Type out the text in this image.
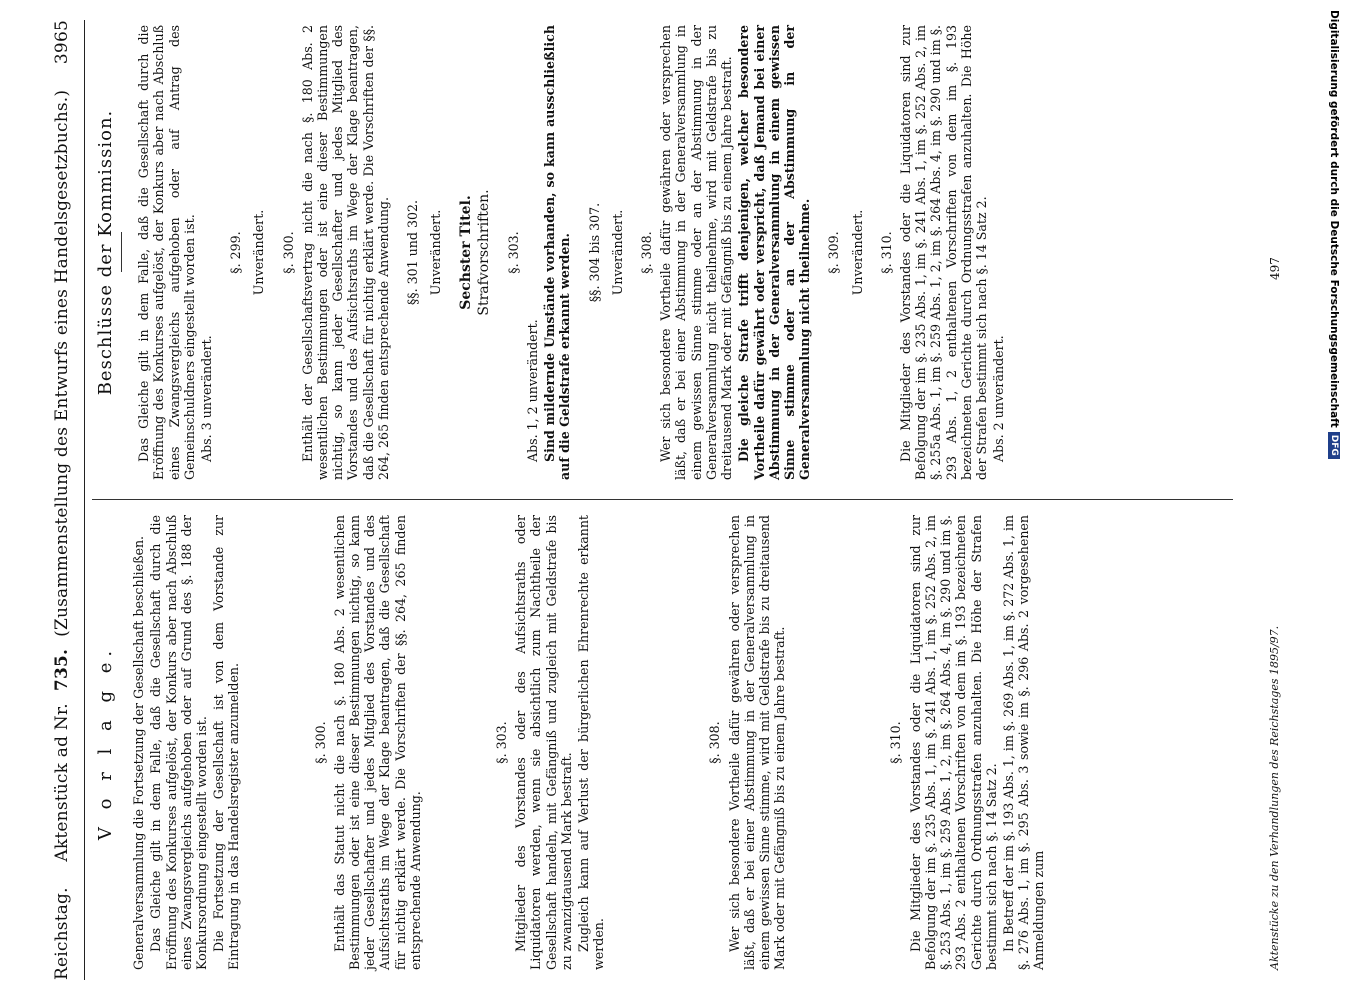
Reichstag.
Aktenstück ad Nr.
735.
(Zusammenstellung des Entwurfs eines Handelsgesetzbuchs.)
3965
V o r l a g e. Generalversammlung die Fortsetzung der Gesellschaft beschließen. Das Gleiche gilt in dem Falle, daß die Gesellschaft durch die Eröffnung des Konkurses aufgelöst, der Konkurs aber nach Abschluß eines Zwangsvergleichs aufgehoben oder auf Grund des §. 188 der Konkursordnung eingestellt worden ist. Die Fortsetzung der Gesellschaft ist von dem Vorstande zur Eintragung in das Handelsregister anzumelden.	§. 300. Enthält das Statut nicht die nach §. 180 Abs. 2 wesentlichen Bestimmungen oder ist eine dieser Bestimmungen nichtig, so kann jeder Gesellschafter und jedes Mitglied des Vorstandes und des Aufsichtsraths im Wege der Klage beantragen, daß die Gesellschaft für nichtig erklärt werde. Die Vorschriften der §§. 264, 265 finden entsprechende Anwendung.

§. 303. Mitglieder des Vorstandes oder des Aufsichtsraths oder Liquidatoren werden, wenn sie absichtlich zum Nachtheile der Gesellschaft handeln, mit Gefängniß und zugleich mit Geldstrafe bis zu zwanzigtausend Mark bestraft. Zugleich kann auf Verlust der bürgerlichen Ehrenrechte erkannt werden.

§. 308. Wer sich besondere Vortheile dafür gewähren oder versprechen läßt, daß er bei einer Abstimmung in der Generalversammlung in einem gewissen Sinne stimme, wird mit Geldstrafe bis zu dreitausend Mark oder mit Gefängniß bis zu einem Jahre bestraft.	§. 310. Die Mitglieder des Vorstandes oder die Liquidatoren sind zur Befolgung der im §. 235 Abs. 1, im §. 241 Abs. 1, im §. 252 Abs. 2, im §. 253 Abs. 1, im §. 259 Abs. 1, 2, im §. 264 Abs. 4, im §. 290 und im §. 293 Abs. 2 enthaltenen Vorschriften von dem im §. 193 bezeichneten Gerichte durch Ordnungsstrafen anzuhalten. Die Höhe der Strafen bestimmt sich nach §. 14 Satz 2. In Betreff der im §. 193 Abs. 1, im §. 269 Abs. 1, im §. 272 Abs. 1, im §. 276 Abs. 1, im §. 295 Abs. 3 sowie im §. 296 Abs. 2 vorgesehenen Anmeldungen zum

Beschlüsse der Kommission. Das Gleiche gilt in dem Falle, daß die Gesellschaft durch die Eröffnung des Konkurses aufgelöst, der Konkurs aber nach Abschluß eines Zwangsvergleichs aufgehoben oder auf Antrag des Gemeinschuldners eingestellt worden ist. Abs. 3 unverändert.

§. 299. Unverändert. §. 300. Enthält der Gesellschaftsvertrag nicht die nach §. 180 Abs. 2 wesentlichen Bestimmungen oder ist eine dieser Bestimmungen nichtig, so kann jeder Gesellschafter und jedes Mitglied des Vorstandes und des Aufsichtsraths im Wege der Klage beantragen, daß die Gesellschaft für nichtig erklärt werde. Die Vorschriften der §§. 264, 265 finden entsprechende Anwendung. §§. 301 und 302. Unverändert. Sechster Titel. Strafvorschriften. §. 303.

Abs. 1, 2 unverändert. Sind mildernde Umstände vorhanden, so kann ausschließlich auf die Geldstrafe erkannt werden. §§. 304 bis 307. Unverändert. §. 308. Wer sich besondere Vortheile dafür gewähren oder versprechen läßt, daß er bei einer Abstimmung in der Generalversammlung in einem gewissen Sinne stimme oder an der Abstimmung in der Generalversammlung nicht theilnehme, wird mit Geldstrafe bis zu dreitausend Mark oder mit Gefängniß bis zu einem Jahre bestraft. Die gleiche Strafe trifft denjenigen, welcher besondere Vortheile dafür gewährt oder verspricht, daß Jemand bei einer Abstimmung in der Generalversammlung in einem gewissen Sinne stimme oder an der Abstimmung in der Generalversammlung nicht theilnehme. §. 309. Unverändert. §. 310. Die Mitglieder des Vorstandes oder die Liquidatoren sind zur Befolgung der im §. 235 Abs. 1, im §. 241 Abs. 1, im §. 252 Abs. 2, im §. 255a Abs. 1, im §. 259 Abs. 1, 2, im §. 264 Abs. 4, im §. 290 und im §. 293 Abs. 1, 2 enthaltenen Vorschriften von dem im §. 193 bezeichneten Gerichte durch Ordnungsstrafen anzuhalten. Die Höhe der Strafen bestimmt sich nach §. 14 Satz 2. Abs. 2 unverändert.

Aktenstücke zu den Verhandlungen des Reichstages 1895/97.
497	Digitalisierung gefördert durch die Deutsche Forschungsgemeinschaft
DFG
